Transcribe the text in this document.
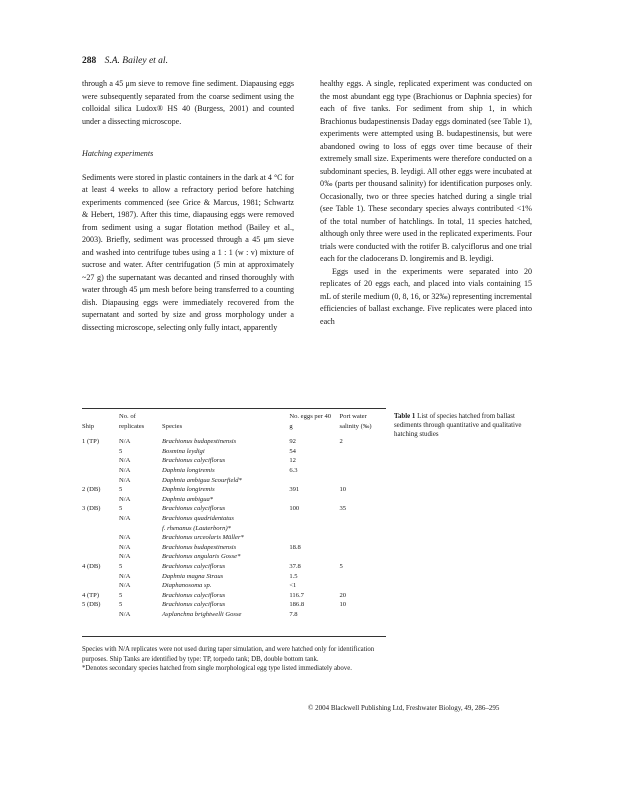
288 S.A. Bailey et al.

through a 45 μm sieve to remove fine sediment. Diapausing eggs were subsequently separated from the coarse sediment using the colloidal silica Ludox® HS 40 (Burgess, 2001) and counted under a dissecting microscope.

Hatching experiments

Sediments were stored in plastic containers in the dark at 4 °C for at least 4 weeks to allow a refractory period before hatching experiments commenced (see Grice & Marcus, 1981; Schwartz & Hebert, 1987). After this time, diapausing eggs were removed from sediment using a sugar flotation method (Bailey et al., 2003). Briefly, sediment was processed through a 45 μm sieve and washed into centrifuge tubes using a 1 : 1 (w : v) mixture of sucrose and water. After centrifugation (5 min at approximately ~27 g) the supernatant was decanted and rinsed thoroughly with water through 45 μm mesh before being transferred to a counting dish. Diapausing eggs were immediately recovered from the supernatant and sorted by size and gross morphology under a dissecting microscope, selecting only fully intact, apparently

healthy eggs. A single, replicated experiment was conducted on the most abundant egg type (Brachionus or Daphnia species) for each of five tanks. For sediment from ship 1, in which Brachionus budapestinensis Daday eggs dominated (see Table 1), experiments were attempted using B. budapestinensis, but were abandoned owing to loss of eggs over time because of their extremely small size. Experiments were therefore conducted on a subdominant species, B. leydigi. All other eggs were incubated at 0‰ (parts per thousand salinity) for identification purposes only. Occasionally, two or three species hatched during a single trial (see Table 1). These secondary species always contributed <1% of the total number of hatchlings. In total, 11 species hatched, although only three were used in the replicated experiments. Four trials were conducted with the rotifer B. calyciflorus and one trial each for the cladocerans D. longiremis and B. leydigi.

Eggs used in the experiments were separated into 20 replicates of 20 eggs each, and placed into vials containing 15 mL of sterile medium (0, 8, 16, or 32‰) representing incremental efficiencies of ballast exchange. Five replicates were placed into each

Ship	No. of replicates	Species	No. eggs per 40 g	Port water salinity (‰)
1 (TP)	N/A	Brachionus budapestinensis	92	2
	5	Bosmina leydigi	54	
	N/A	Brachionus calyciflorus	12	
	N/A	Daphnia longiremis	6.3	
	N/A	Daphnia ambigua Scourfield*		
2 (DB)	5	Daphnia longiremis	391	10
	N/A	Daphnia ambigua*		
3 (DB)	5	Brachionus calyciflorus	100	35
	N/A	Brachionus quadridentatus		
		f. rhenanus (Lauterborn)*		
	N/A	Brachionus urceolaris Müller*		
	N/A	Brachionus budapestinensis	18.8	
	N/A	Brachionus angularis Gosse*		
4 (DB)	5	Brachionus calyciflorus	37.8	5
	N/A	Daphnia magna Straus	1.5	
	N/A	Diaphanosoma sp.	<1	
4 (TP)	5	Brachionus calyciflorus	116.7	20
5 (DB)	5	Brachionus calyciflorus	186.8	10
	N/A	Asplanchna brightwelli Gosse	7.8	
Table 1 List of species hatched from ballast sediments through quantitative and qualitative hatching studies

Species with N/A replicates were not used during taper simulation, and were hatched only for identification purposes. Ship Tanks are identified by type: TP, torpedo tank; DB, double bottom tank.

*Denotes secondary species hatched from single morphological egg type listed immediately above.

© 2004 Blackwell Publishing Ltd, Freshwater Biology, 49, 286–295
